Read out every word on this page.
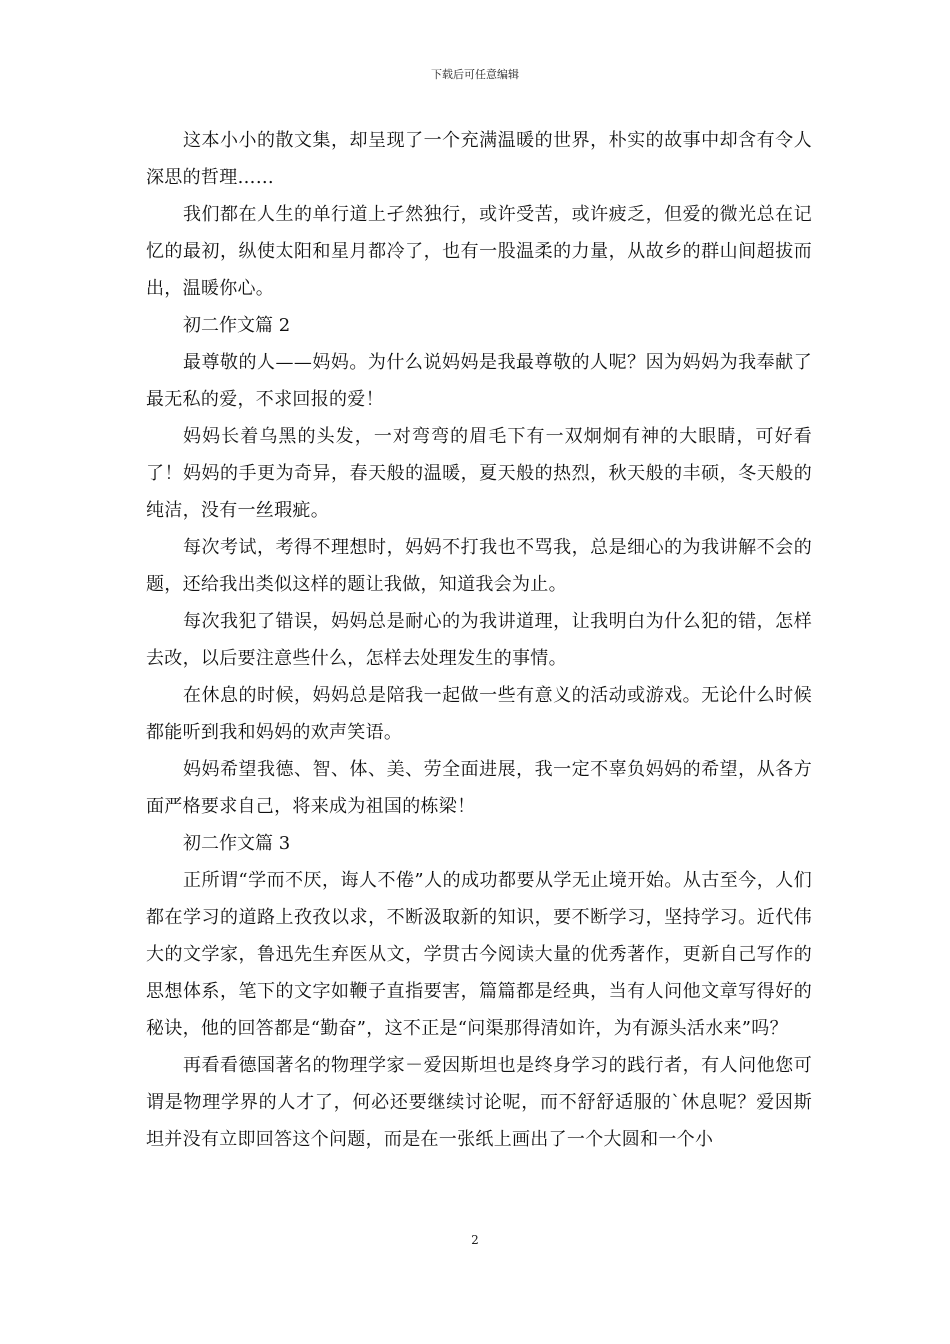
下载后可任意编辑

这本小小的散文集，却呈现了一个充满温暖的世界，朴实的故事中却含有令人深思的哲理……

我们都在人生的单行道上孑然独行，或许受苦，或许疲乏，但爱的微光总在记忆的最初，纵使太阳和星月都冷了，也有一股温柔的力量，从故乡的群山间超拔而出，温暖你心。

初二作文篇 2

最尊敬的人——妈妈。为什么说妈妈是我最尊敬的人呢？因为妈妈为我奉献了最无私的爱，不求回报的爱！

妈妈长着乌黑的头发，一对弯弯的眉毛下有一双炯炯有神的大眼睛，可好看了！妈妈的手更为奇异，春天般的温暖，夏天般的热烈，秋天般的丰硕，冬天般的纯洁，没有一丝瑕疵。

每次考试，考得不理想时，妈妈不打我也不骂我，总是细心的为我讲解不会的题，还给我出类似这样的题让我做，知道我会为止。

每次我犯了错误，妈妈总是耐心的为我讲道理，让我明白为什么犯的错，怎样去改，以后要注意些什么，怎样去处理发生的事情。

在休息的时候，妈妈总是陪我一起做一些有意义的活动或游戏。无论什么时候都能听到我和妈妈的欢声笑语。

妈妈希望我德、智、体、美、劳全面进展，我一定不辜负妈妈的希望，从各方面严格要求自己，将来成为祖国的栋梁！

初二作文篇 3

正所谓“学而不厌，诲人不倦”人的成功都要从学无止境开始。从古至今，人们都在学习的道路上孜孜以求，不断汲取新的知识，要不断学习，坚持学习。近代伟大的文学家，鲁迅先生弃医从文，学贯古今阅读大量的优秀著作，更新自己写作的思想体系，笔下的文字如鞭子直指要害，篇篇都是经典，当有人问他文章写得好的秘诀，他的回答都是“勤奋”，这不正是“问渠那得清如许，为有源头活水来”吗？

再看看德国著名的物理学家－爱因斯坦也是终身学习的践行者，有人问他您可谓是物理学界的人才了，何必还要继续讨论呢，而不舒舒适服的`休息呢？爱因斯坦并没有立即回答这个问题，而是在一张纸上画出了一个大圆和一个小

2
